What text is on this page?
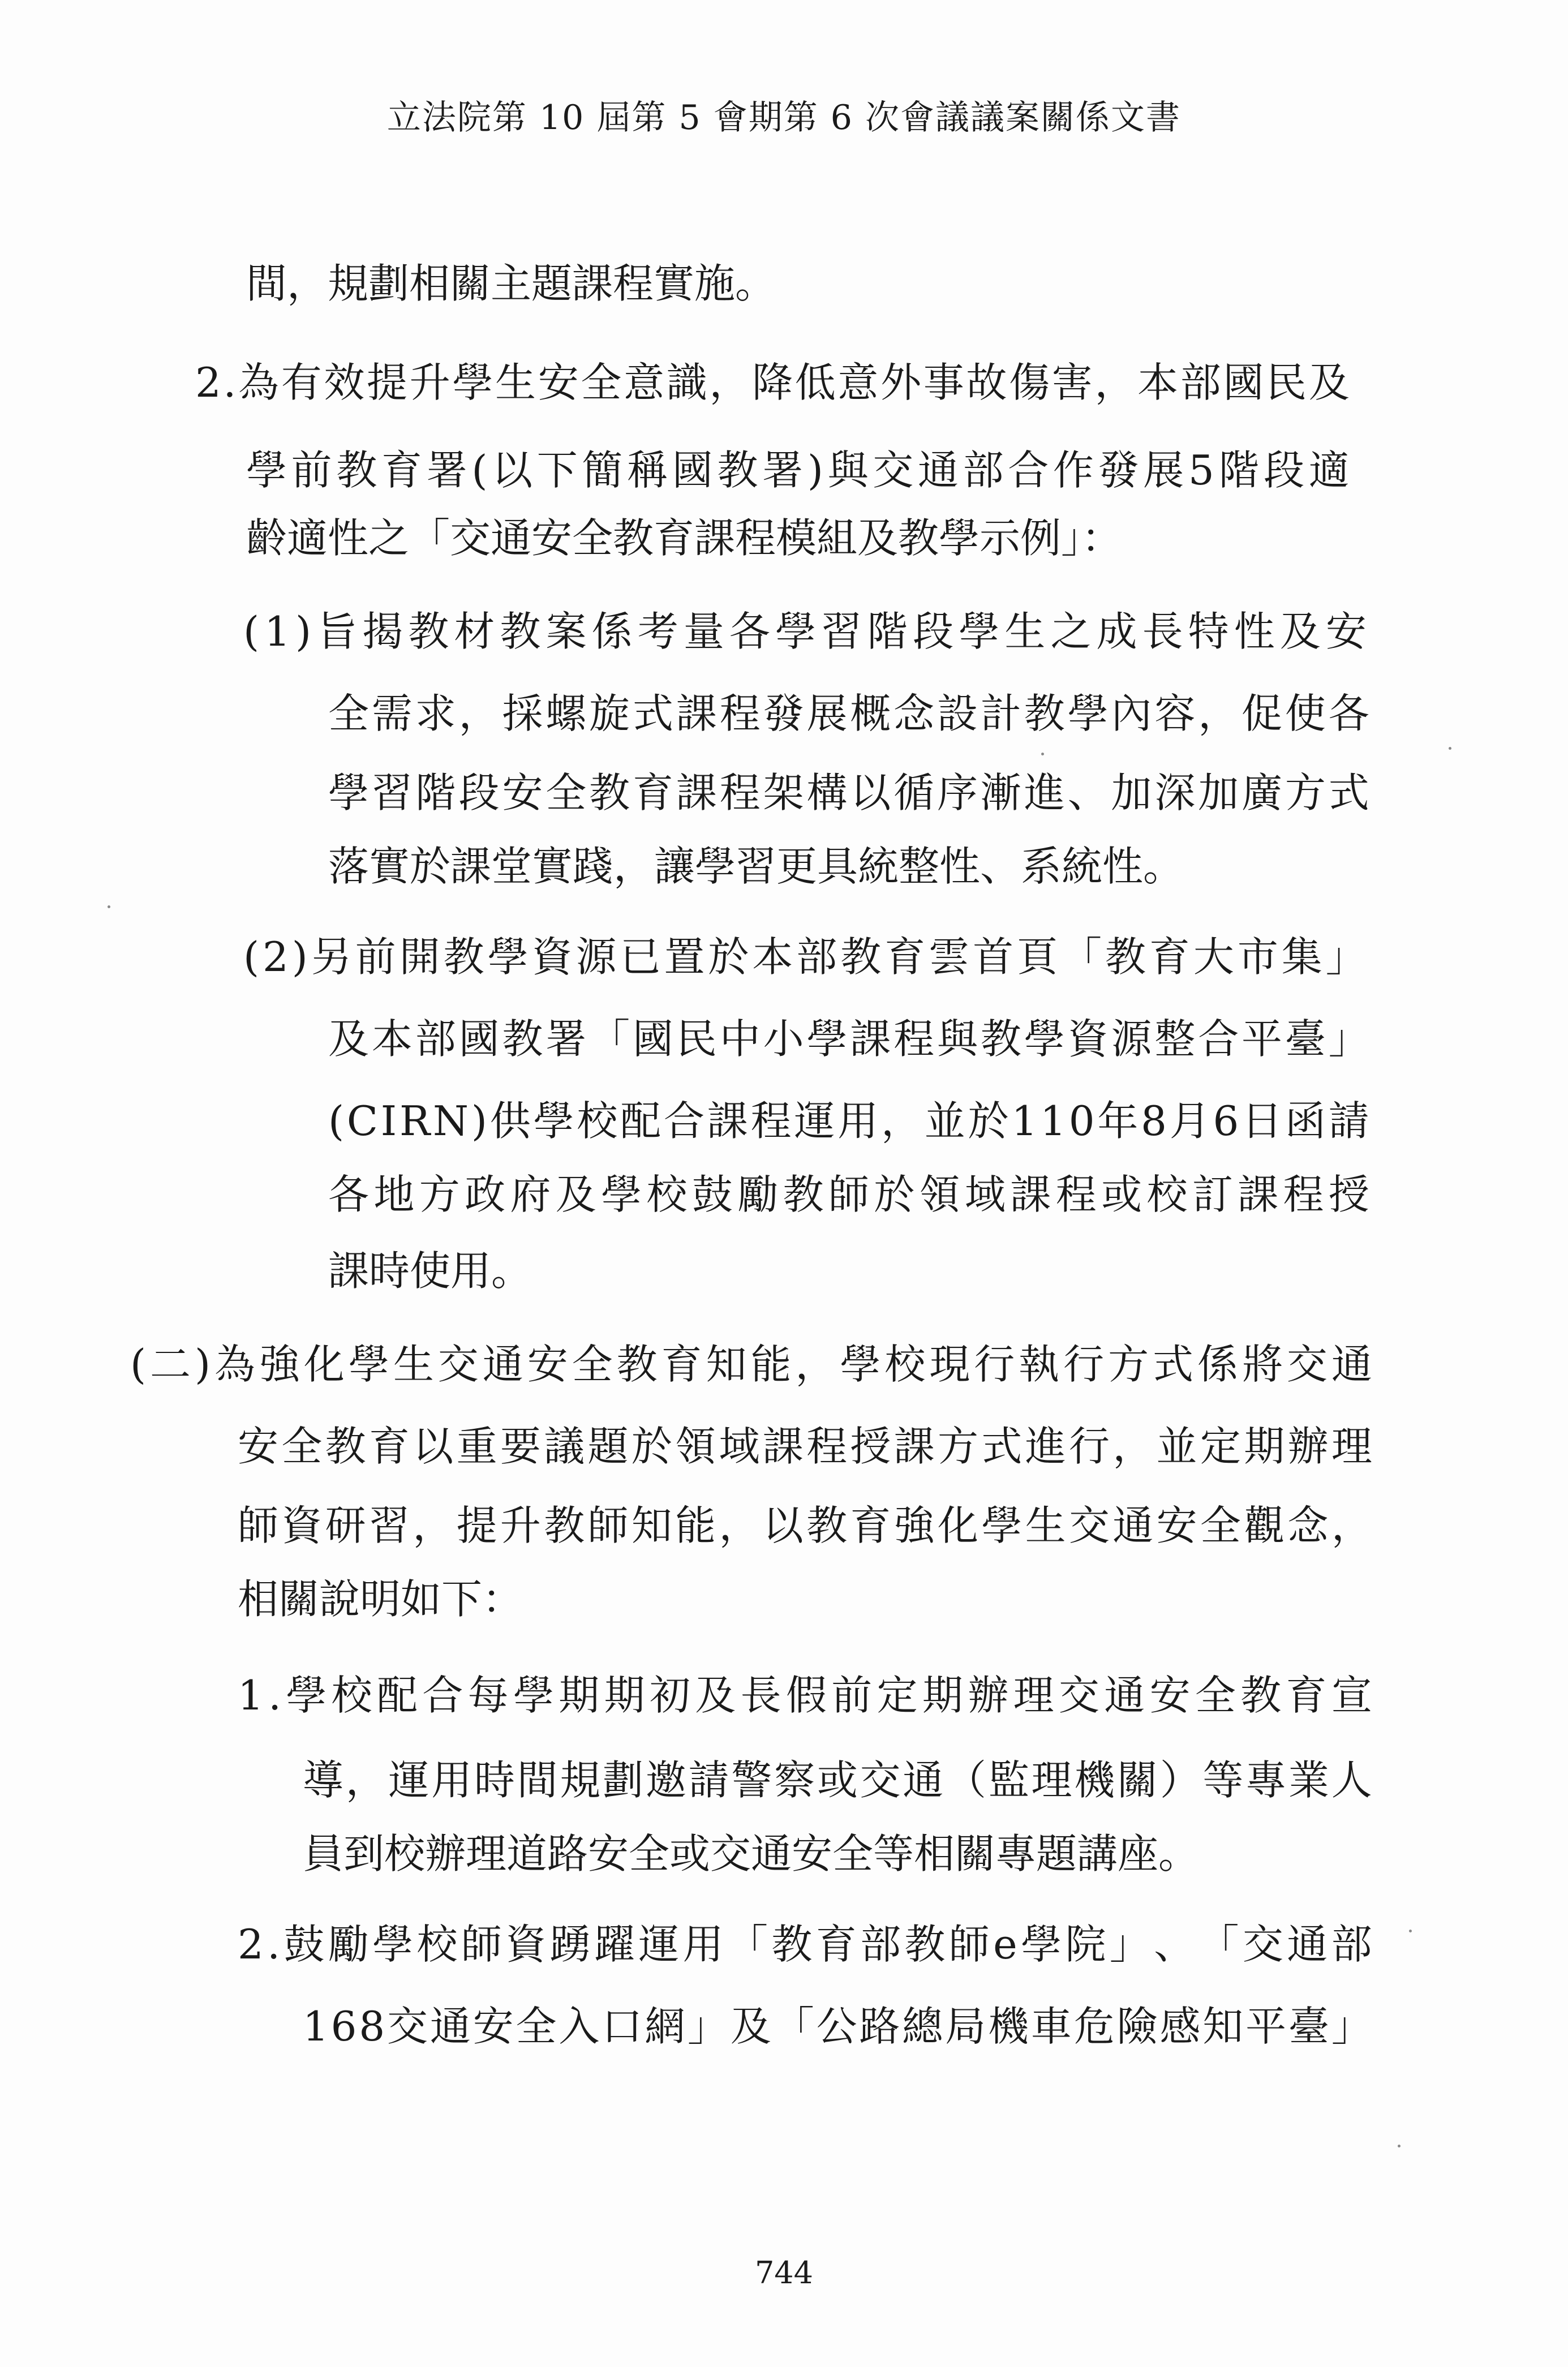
立法院第 10 屆第 5 會期第 6 次會議議案關係文書
間，規劃相關主題課程實施。
2 . 為 有 效 提 升 學 生 安 全 意 識 ， 降 低 意 外 事 故 傷 害 ， 本 部 國 民 及
學 前 教 育 署 ( 以 下 簡 稱 國 教 署 ) 與 交 通 部 合 作 發 展 5 階 段 適
齡適性之「交通安全教育課程模組及教學示例」：
( 1 ) 旨 揭 教 材 教 案 係 考 量 各 學 習 階 段 學 生 之 成 長 特 性 及 安
全 需 求 ， 採 螺 旋 式 課 程 發 展 概 念 設 計 教 學 內 容 ， 促 使 各
學 習 階 段 安 全 教 育 課 程 架 構 以 循 序 漸 進 、 加 深 加 廣 方 式
落實於課堂實踐，讓學習更具統整性、系統性。
( 2 ) 另 前 開 教 學 資 源 已 置 於 本 部 教 育 雲 首 頁 「 教 育 大 市 集 」
及 本 部 國 教 署 「 國 民 中 小 學 課 程 與 教 學 資 源 整 合 平 臺 」
( C I R N ) 供 學 校 配 合 課 程 運 用 ， 並 於 1 1 0 年 8 月 6 日 函 請
各 地 方 政 府 及 學 校 鼓 勵 教 師 於 領 域 課 程 或 校 訂 課 程 授
課時使用。
( 二 ) 為 強 化 學 生 交 通 安 全 教 育 知 能 ， 學 校 現 行 執 行 方 式 係 將 交 通
安 全 教 育 以 重 要 議 題 於 領 域 課 程 授 課 方 式 進 行 ， 並 定 期 辦 理
師 資 研 習 ， 提 升 教 師 知 能 ， 以 教 育 強 化 學 生 交 通 安 全 觀 念 ，
相關說明如下：
1 . 學 校 配 合 每 學 期 期 初 及 長 假 前 定 期 辦 理 交 通 安 全 教 育 宣
導 ， 運 用 時 間 規 劃 邀 請 警 察 或 交 通 （ 監 理 機 關 ） 等 專 業 人
員到校辦理道路安全或交通安全等相關專題講座。
2 . 鼓 勵 學 校 師 資 踴 躍 運 用 「 教 育 部 教 師 e 學 院 」 、 「 交 通 部
1 6 8 交 通 安 全 入 口 網 」 及 「 公 路 總 局 機 車 危 險 感 知 平 臺 」
744
